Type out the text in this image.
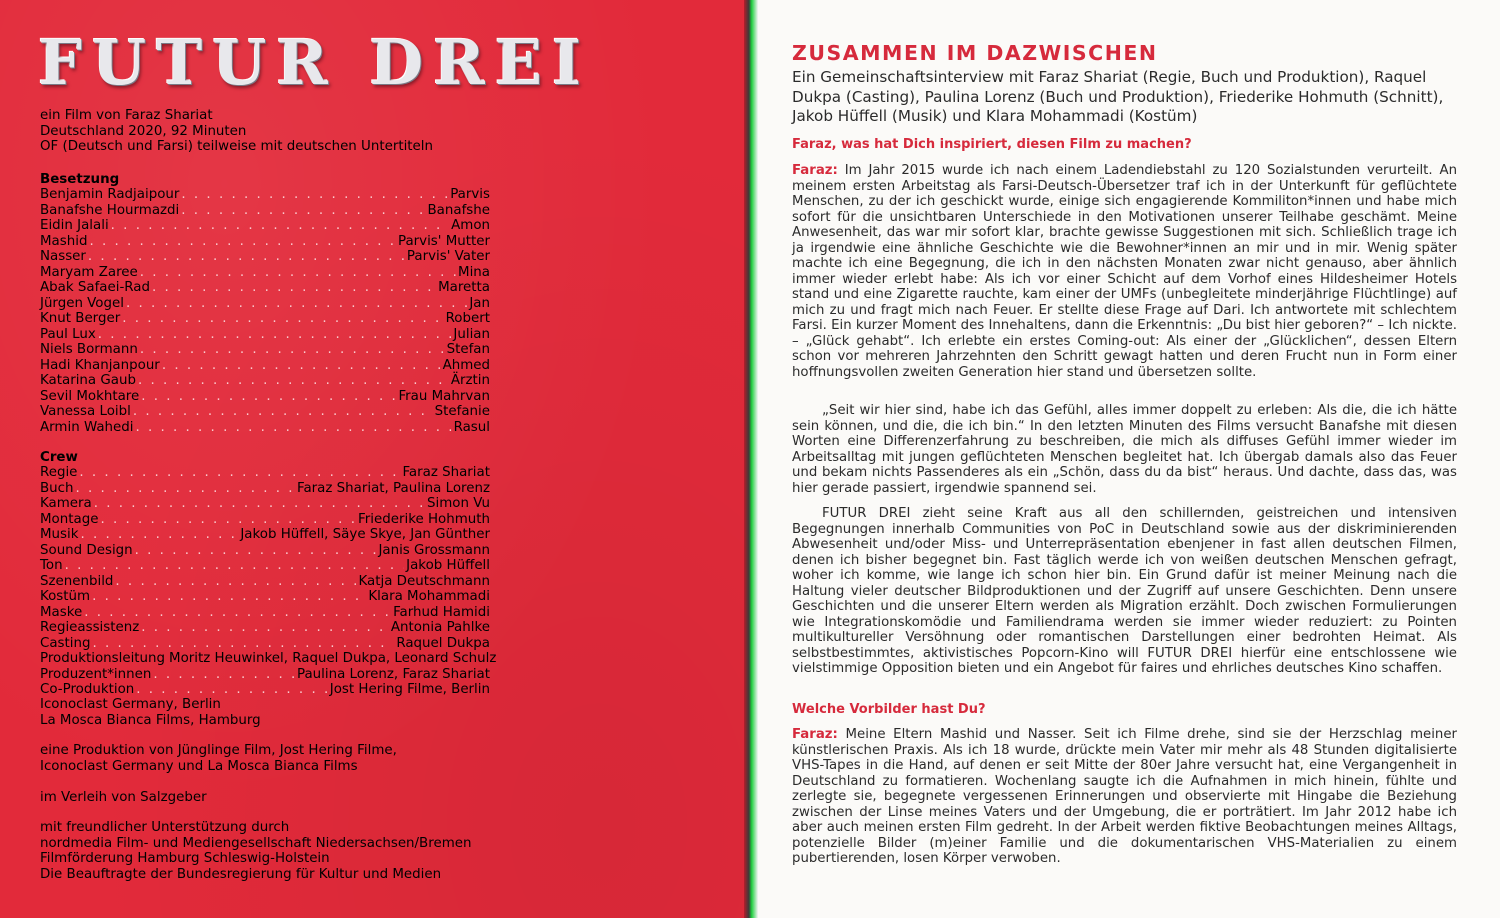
FUTUR DREI
ein Film von Faraz Shariat
Deutschland 2020, 92 Minuten
OF (Deutsch und Farsi) teilweise mit deutschen Untertiteln
Besetzung
Benjamin Radjaipour . . .	Parvis
Banafshe Hourmazdi . . .	Banafshe
Eidin Jalali . . .	Amon
Mashid . . .	Parvis' Mutter
Nasser . . .	Parvis' Vater
Maryam Zaree . . .	Mina
Abak Safaei-Rad . . .	Maretta
Jürgen Vogel . . .	Jan
Knut Berger . . .	Robert
Paul Lux . . .	Julian
Niels Bormann . . .	Stefan
Hadi Khanjanpour . . .	Ahmed
Katarina Gaub . . .	Ärztin
Sevil Mokhtare . . .	Frau Mahrvan
Vanessa Loibl . . .	Stefanie
Armin Wahedi . . .	Rasul
Crew
Regie . . .	Faraz Shariat
Buch . . .	Faraz Shariat, Paulina Lorenz
Kamera . . .	Simon Vu
Montage . . .	Friederike Hohmuth
Musik . . .	Jakob Hüffell, Säye Skye, Jan Günther
Sound Design . . .	Janis Grossmann
Ton . . .	Jakob Hüffell
Szenenbild . . .	Katja Deutschmann
Kostüm . . .	Klara Mohammadi
Maske . . .	Farhud Hamidi
Regieassistenz . . .	Antonia Pahlke
Casting . . .	Raquel Dukpa
Produktionsleitung Moritz Heuwinkel, Raquel Dukpa, Leonard Schulz
Produzent*innen . . .	Paulina Lorenz, Faraz Shariat
Co-Produktion . . .	Jost Hering Filme, Berlin
Iconoclast Germany, Berlin
La Mosca Bianca Films, Hamburg
eine Produktion von Jünglinge Film, Jost Hering Filme,
Iconoclast Germany und La Mosca Bianca Films
im Verleih von Salzgeber
mit freundlicher Unterstützung durch
nordmedia Film- und Mediengesellschaft Niedersachsen/Bremen
Filmförderung Hamburg Schleswig-Holstein
Die Beauftragte der Bundesregierung für Kultur und Medien
ZUSAMMEN IM DAZWISCHEN

Ein Gemeinschaftsinterview mit Faraz Shariat (Regie, Buch und Produktion), Raquel Dukpa (Casting), Paulina Lorenz (Buch und Produktion), Friederike Hohmuth (Schnitt), Jakob Hüffell (Musik) und Klara Mohammadi (Kostüm)

Faraz, was hat Dich inspiriert, diesen Film zu machen?

Faraz: Im Jahr 2015 wurde ich nach einem Ladendiebstahl zu 120 Sozialstunden verurteilt. An meinem ersten Arbeitstag als Farsi-Deutsch-Übersetzer traf ich in der Unterkunft für geflüchtete Menschen, zu der ich geschickt wurde, einige sich engagierende Kommiliton*innen und habe mich sofort für die unsichtbaren Unterschiede in den Motivationen unserer Teilhabe geschämt. Meine Anwesenheit, das war mir sofort klar, brachte gewisse Suggestionen mit sich. Schließlich trage ich ja irgendwie eine ähnliche Geschichte wie die Bewohner*innen an mir und in mir. Wenig später machte ich eine Begegnung, die ich in den nächsten Monaten zwar nicht genauso, aber ähnlich immer wieder erlebt habe: Als ich vor einer Schicht auf dem Vorhof eines Hildesheimer Hotels stand und eine Zigarette rauchte, kam einer der UMFs (unbegleitete minderjährige Flüchtlinge) auf mich zu und fragt mich nach Feuer. Er stellte diese Frage auf Dari. Ich antwortete mit schlechtem Farsi. Ein kurzer Moment des Innehaltens, dann die Erkenntnis: „Du bist hier geboren?“ – Ich nickte. – „Glück gehabt“. Ich erlebte ein erstes Coming-out: Als einer der „Glücklichen“, dessen Eltern schon vor mehreren Jahrzehnten den Schritt gewagt hatten und deren Frucht nun in Form einer hoffnungsvollen zweiten Generation hier stand und übersetzen sollte.

„Seit wir hier sind, habe ich das Gefühl, alles immer doppelt zu erleben: Als die, die ich hätte sein können, und die, die ich bin.“ In den letzten Minuten des Films versucht Banafshe mit diesen Worten eine Differenzerfahrung zu beschreiben, die mich als diffuses Gefühl immer wieder im Arbeitsalltag mit jungen geflüchteten Menschen begleitet hat. Ich übergab damals also das Feuer und bekam nichts Passenderes als ein „Schön, dass du da bist“ heraus. Und dachte, dass das, was hier gerade passiert, irgendwie spannend sei.

FUTUR DREI zieht seine Kraft aus all den schillernden, geistreichen und intensiven Begegnungen innerhalb Communities von PoC in Deutschland sowie aus der diskriminierenden Abwesenheit und/oder Miss- und Unterrepräsentation ebenjener in fast allen deutschen Filmen, denen ich bisher begegnet bin. Fast täglich werde ich von weißen deutschen Menschen gefragt, woher ich komme, wie lange ich schon hier bin. Ein Grund dafür ist meiner Meinung nach die Haltung vieler deutscher Bildproduktionen und der Zugriff auf unsere Geschichten. Denn unsere Geschichten und die unserer Eltern werden als Migration erzählt. Doch zwischen Formulierungen wie Integrationskomödie und Familiendrama werden sie immer wieder reduziert: zu Pointen multikultureller Versöhnung oder romantischen Darstellungen einer bedrohten Heimat. Als selbstbestimmtes, aktivistisches Popcorn-Kino will FUTUR DREI hierfür eine entschlossene wie vielstimmige Opposition bieten und ein Angebot für faires und ehrliches deutsches Kino schaffen.

Welche Vorbilder hast Du?

Faraz: Meine Eltern Mashid und Nasser. Seit ich Filme drehe, sind sie der Herzschlag meiner künstlerischen Praxis. Als ich 18 wurde, drückte mein Vater mir mehr als 48 Stunden digitalisierte VHS-Tapes in die Hand, auf denen er seit Mitte der 80er Jahre versucht hat, eine Vergangenheit in Deutschland zu formatieren. Wochenlang saugte ich die Aufnahmen in mich hinein, fühlte und zerlegte sie, begegnete vergessenen Erinnerungen und observierte mit Hingabe die Beziehung zwischen der Linse meines Vaters und der Umgebung, die er porträtiert. Im Jahr 2012 habe ich aber auch meinen ersten Film gedreht. In der Arbeit werden fiktive Beobachtungen meines Alltags, potenzielle Bilder (m)einer Familie und die dokumentarischen VHS-Materialien zu einem pubertierenden, losen Körper verwoben.
